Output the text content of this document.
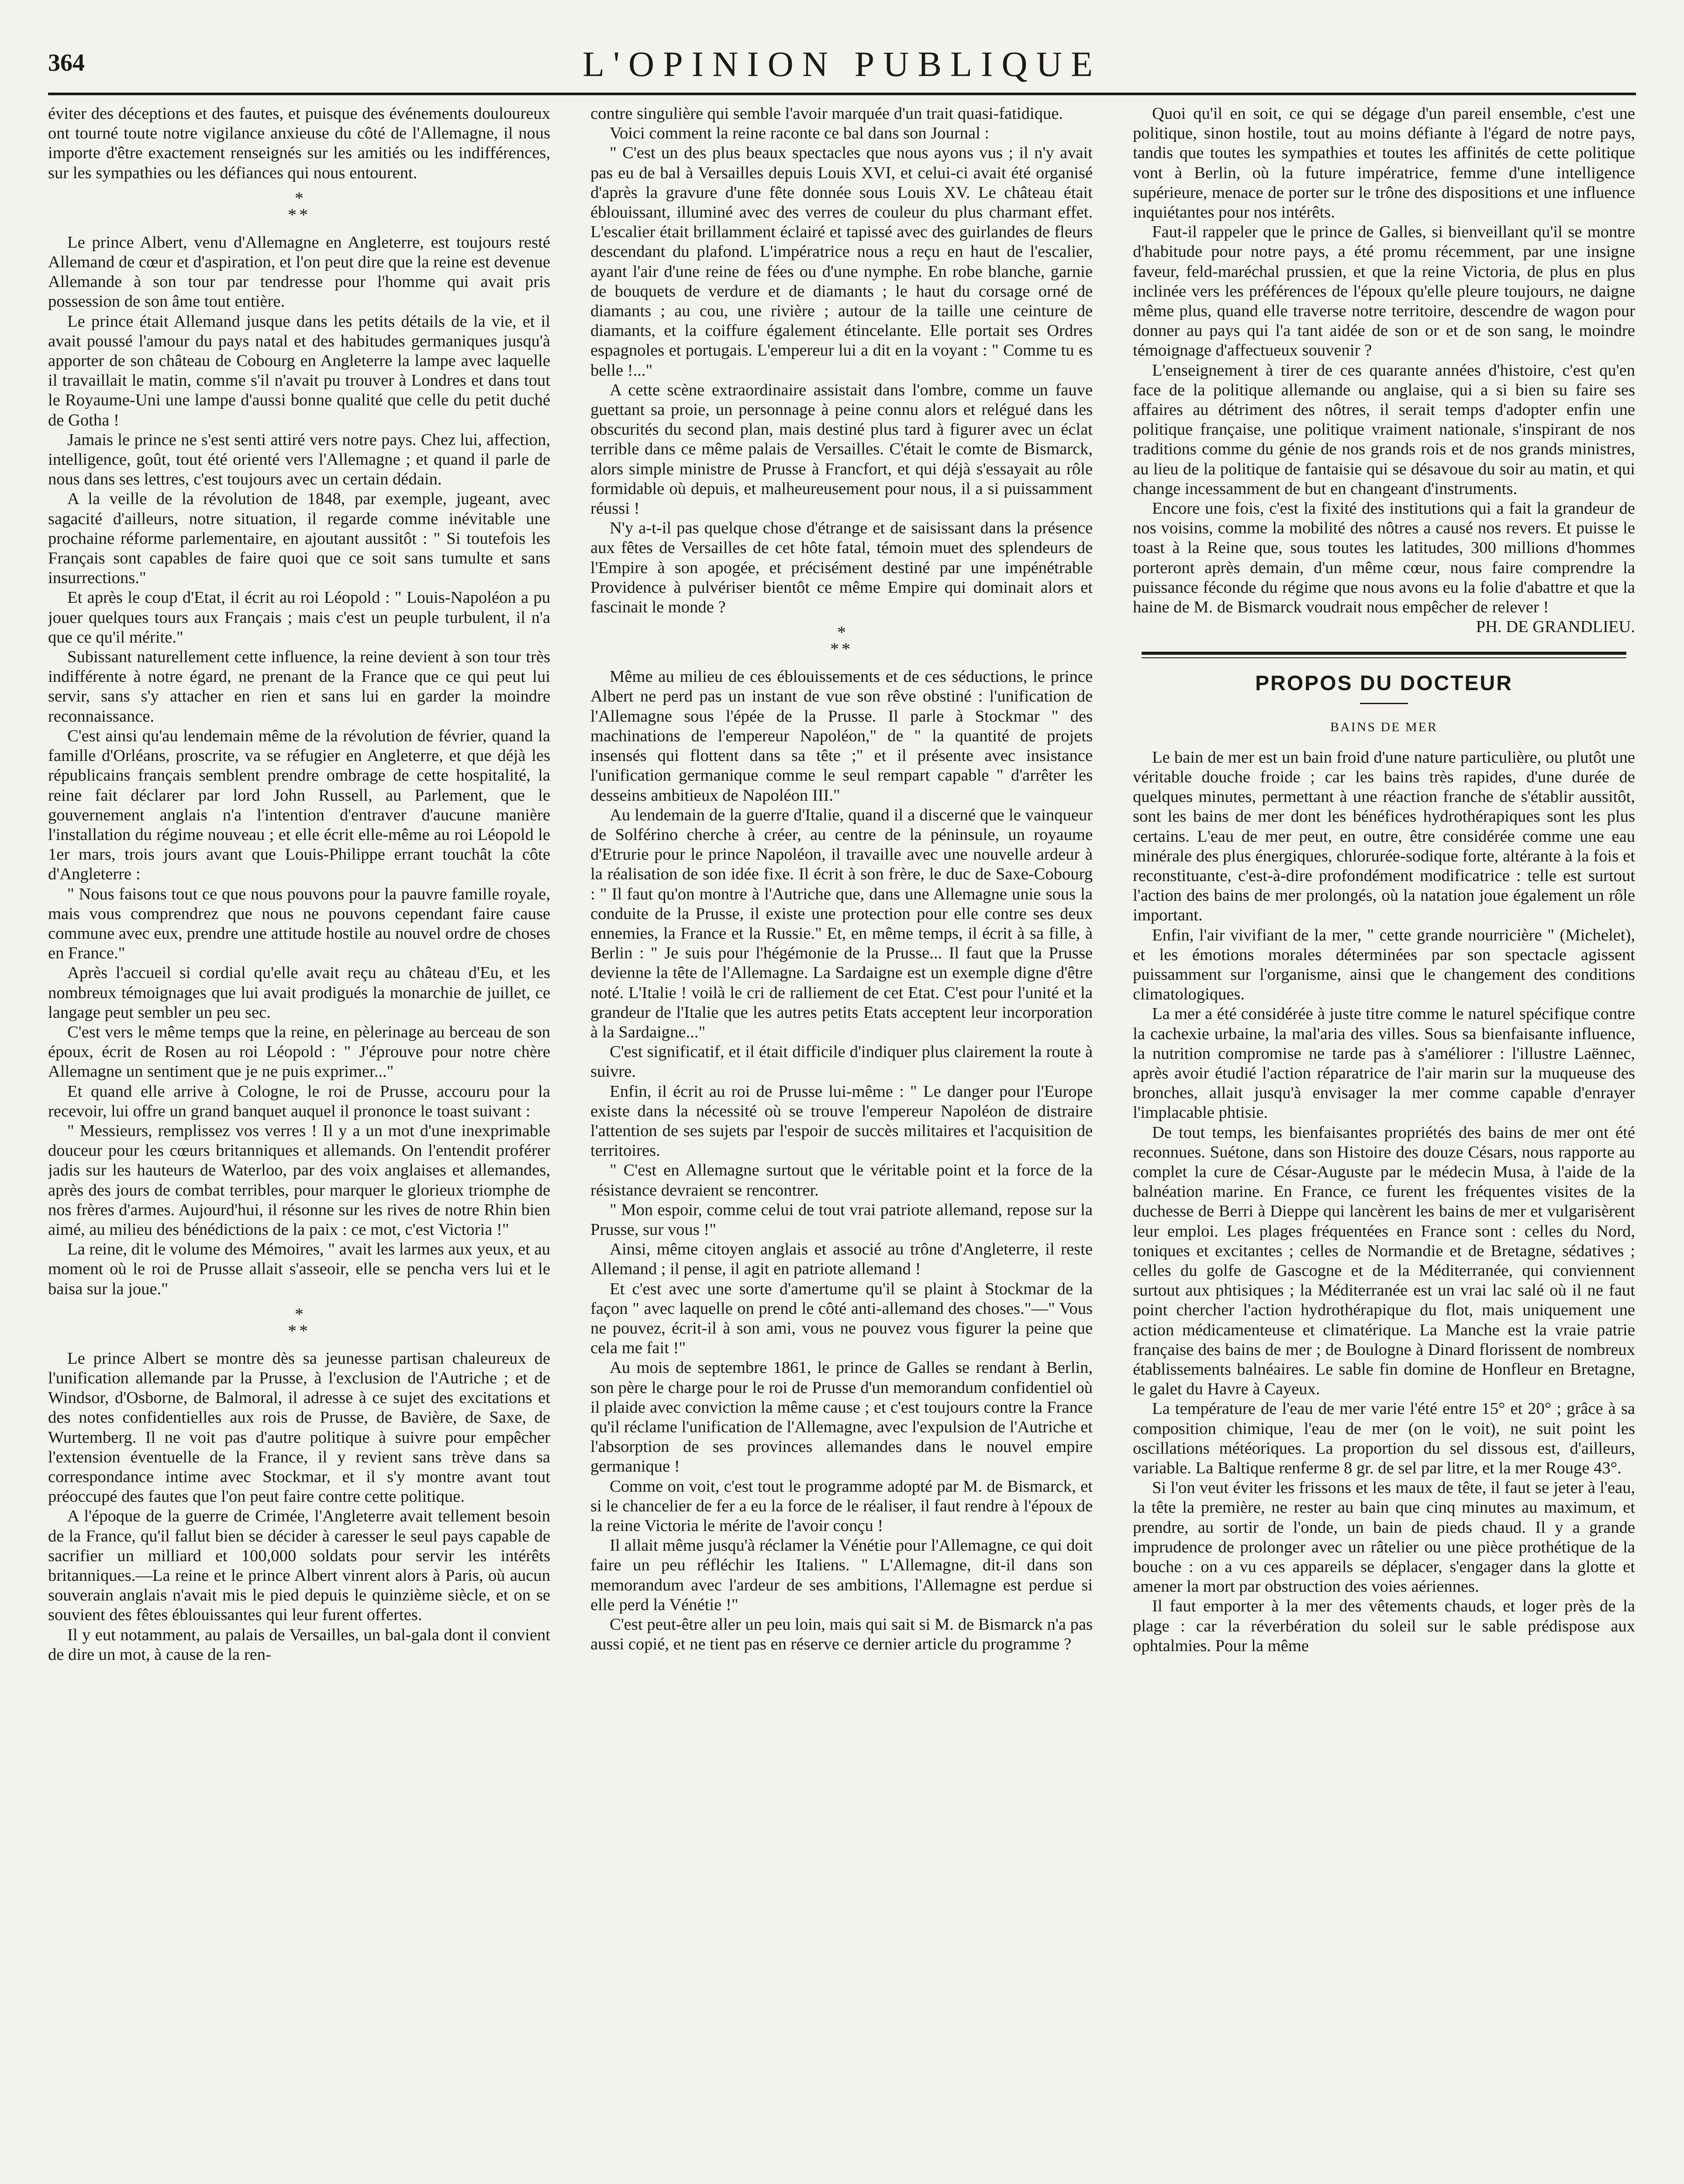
364	L'OPINION PUBLIQUE

éviter des déceptions et des fautes, et puisque des événements douloureux ont tourné toute notre vigilance anxieuse du côté de l'Allemagne, il nous importe d'être exactement renseignés sur les amitiés ou les indifférences, sur les sympathies ou les défiances qui nous entourent.

*
**

Le prince Albert, venu d'Allemagne en Angleterre, est toujours resté Allemand de cœur et d'aspiration, et l'on peut dire que la reine est devenue Allemande à son tour par tendresse pour l'homme qui avait pris possession de son âme tout entière.

Le prince était Allemand jusque dans les petits détails de la vie, et il avait poussé l'amour du pays natal et des habitudes germaniques jusqu'à apporter de son château de Cobourg en Angleterre la lampe avec laquelle il travaillait le matin, comme s'il n'avait pu trouver à Londres et dans tout le Royaume-Uni une lampe d'aussi bonne qualité que celle du petit duché de Gotha !

Jamais le prince ne s'est senti attiré vers notre pays. Chez lui, affection, intelligence, goût, tout été orienté vers l'Allemagne ; et quand il parle de nous dans ses lettres, c'est toujours avec un certain dédain.

A la veille de la révolution de 1848, par exemple, jugeant, avec sagacité d'ailleurs, notre situation, il regarde comme inévitable une prochaine réforme parlementaire, en ajoutant aussitôt : " Si toutefois les Français sont capables de faire quoi que ce soit sans tumulte et sans insurrections."

Et après le coup d'Etat, il écrit au roi Léopold : " Louis-Napoléon a pu jouer quelques tours aux Français ; mais c'est un peuple turbulent, il n'a que ce qu'il mérite."

Subissant naturellement cette influence, la reine devient à son tour très indifférente à notre égard, ne prenant de la France que ce qui peut lui servir, sans s'y attacher en rien et sans lui en garder la moindre reconnaissance.

C'est ainsi qu'au lendemain même de la révolution de février, quand la famille d'Orléans, proscrite, va se réfugier en Angleterre, et que déjà les républicains français semblent prendre ombrage de cette hospitalité, la reine fait déclarer par lord John Russell, au Parlement, que le gouvernement anglais n'a l'intention d'entraver d'aucune manière l'installation du régime nouveau ; et elle écrit elle-même au roi Léopold le 1er mars, trois jours avant que Louis-Philippe errant touchât la côte d'Angleterre :

" Nous faisons tout ce que nous pouvons pour la pauvre famille royale, mais vous comprendrez que nous ne pouvons cependant faire cause commune avec eux, prendre une attitude hostile au nouvel ordre de choses en France."

Après l'accueil si cordial qu'elle avait reçu au château d'Eu, et les nombreux témoignages que lui avait prodigués la monarchie de juillet, ce langage peut sembler un peu sec.

C'est vers le même temps que la reine, en pèlerinage au berceau de son époux, écrit de Rosen au roi Léopold : " J'éprouve pour notre chère Allemagne un sentiment que je ne puis exprimer..."

Et quand elle arrive à Cologne, le roi de Prusse, accouru pour la recevoir, lui offre un grand banquet auquel il prononce le toast suivant :

" Messieurs, remplissez vos verres ! Il y a un mot d'une inexprimable douceur pour les cœurs britanniques et allemands. On l'entendit proférer jadis sur les hauteurs de Waterloo, par des voix anglaises et allemandes, après des jours de combat terribles, pour marquer le glorieux triomphe de nos frères d'armes. Aujourd'hui, il résonne sur les rives de notre Rhin bien aimé, au milieu des bénédictions de la paix : ce mot, c'est Victoria !"

La reine, dit le volume des Mémoires, " avait les larmes aux yeux, et au moment où le roi de Prusse allait s'asseoir, elle se pencha vers lui et le baisa sur la joue."

*
**

Le prince Albert se montre dès sa jeunesse partisan chaleureux de l'unification allemande par la Prusse, à l'exclusion de l'Autriche ; et de Windsor, d'Osborne, de Balmoral, il adresse à ce sujet des excitations et des notes confidentielles aux rois de Prusse, de Bavière, de Saxe, de Wurtemberg. Il ne voit pas d'autre politique à suivre pour empêcher l'extension éventuelle de la France, il y revient sans trève dans sa correspondance intime avec Stockmar, et il s'y montre avant tout préoccupé des fautes que l'on peut faire contre cette politique.

A l'époque de la guerre de Crimée, l'Angleterre avait tellement besoin de la France, qu'il fallut bien se décider à caresser le seul pays capable de sacrifier un milliard et 100,000 soldats pour servir les intérêts britanniques.—La reine et le prince Albert vinrent alors à Paris, où aucun souverain anglais n'avait mis le pied depuis le quinzième siècle, et on se souvient des fêtes éblouissantes qui leur furent offertes.

Il y eut notamment, au palais de Versailles, un bal-gala dont il convient de dire un mot, à cause de la ren-

contre singulière qui semble l'avoir marquée d'un trait quasi-fatidique.

Voici comment la reine raconte ce bal dans son Journal :

" C'est un des plus beaux spectacles que nous ayons vus ; il n'y avait pas eu de bal à Versailles depuis Louis XVI, et celui-ci avait été organisé d'après la gravure d'une fête donnée sous Louis XV. Le château était éblouissant, illuminé avec des verres de couleur du plus charmant effet. L'escalier était brillamment éclairé et tapissé avec des guirlandes de fleurs descendant du plafond. L'impératrice nous a reçu en haut de l'escalier, ayant l'air d'une reine de fées ou d'une nymphe. En robe blanche, garnie de bouquets de verdure et de diamants ; le haut du corsage orné de diamants ; au cou, une rivière ; autour de la taille une ceinture de diamants, et la coiffure également étincelante. Elle portait ses Ordres espagnoles et portugais. L'empereur lui a dit en la voyant : " Comme tu es belle !..."

A cette scène extraordinaire assistait dans l'ombre, comme un fauve guettant sa proie, un personnage à peine connu alors et relégué dans les obscurités du second plan, mais destiné plus tard à figurer avec un éclat terrible dans ce même palais de Versailles. C'était le comte de Bismarck, alors simple ministre de Prusse à Francfort, et qui déjà s'essayait au rôle formidable où depuis, et malheureusement pour nous, il a si puissamment réussi !

N'y a-t-il pas quelque chose d'étrange et de saisissant dans la présence aux fêtes de Versailles de cet hôte fatal, témoin muet des splendeurs de l'Empire à son apogée, et précisément destiné par une impénétrable Providence à pulvériser bientôt ce même Empire qui dominait alors et fascinait le monde ?

*
**

Même au milieu de ces éblouissements et de ces séductions, le prince Albert ne perd pas un instant de vue son rêve obstiné : l'unification de l'Allemagne sous l'épée de la Prusse. Il parle à Stockmar " des machinations de l'empereur Napoléon," de " la quantité de projets insensés qui flottent dans sa tête ;" et il présente avec insistance l'unification germanique comme le seul rempart capable " d'arrêter les desseins ambitieux de Napoléon III."

Au lendemain de la guerre d'Italie, quand il a discerné que le vainqueur de Solférino cherche à créer, au centre de la péninsule, un royaume d'Etrurie pour le prince Napoléon, il travaille avec une nouvelle ardeur à la réalisation de son idée fixe. Il écrit à son frère, le duc de Saxe-Cobourg : " Il faut qu'on montre à l'Autriche que, dans une Allemagne unie sous la conduite de la Prusse, il existe une protection pour elle contre ses deux ennemies, la France et la Russie." Et, en même temps, il écrit à sa fille, à Berlin : " Je suis pour l'hégémonie de la Prusse... Il faut que la Prusse devienne la tête de l'Allemagne. La Sardaigne est un exemple digne d'être noté. L'Italie ! voilà le cri de ralliement de cet Etat. C'est pour l'unité et la grandeur de l'Italie que les autres petits Etats acceptent leur incorporation à la Sardaigne..."

C'est significatif, et il était difficile d'indiquer plus clairement la route à suivre.

Enfin, il écrit au roi de Prusse lui-même : " Le danger pour l'Europe existe dans la nécessité où se trouve l'empereur Napoléon de distraire l'attention de ses sujets par l'espoir de succès militaires et l'acquisition de territoires.

" C'est en Allemagne surtout que le véritable point et la force de la résistance devraient se rencontrer.

" Mon espoir, comme celui de tout vrai patriote allemand, repose sur la Prusse, sur vous !"

Ainsi, même citoyen anglais et associé au trône d'Angleterre, il reste Allemand ; il pense, il agit en patriote allemand !

Et c'est avec une sorte d'amertume qu'il se plaint à Stockmar de la façon " avec laquelle on prend le côté anti-allemand des choses."—" Vous ne pouvez, écrit-il à son ami, vous ne pouvez vous figurer la peine que cela me fait !"

Au mois de septembre 1861, le prince de Galles se rendant à Berlin, son père le charge pour le roi de Prusse d'un memorandum confidentiel où il plaide avec conviction la même cause ; et c'est toujours contre la France qu'il réclame l'unification de l'Allemagne, avec l'expulsion de l'Autriche et l'absorption de ses provinces allemandes dans le nouvel empire germanique !

Comme on voit, c'est tout le programme adopté par M. de Bismarck, et si le chancelier de fer a eu la force de le réaliser, il faut rendre à l'époux de la reine Victoria le mérite de l'avoir conçu !

Il allait même jusqu'à réclamer la Vénétie pour l'Allemagne, ce qui doit faire un peu réfléchir les Italiens. " L'Allemagne, dit-il dans son memorandum avec l'ardeur de ses ambitions, l'Allemagne est perdue si elle perd la Vénétie !"

C'est peut-être aller un peu loin, mais qui sait si M. de Bismarck n'a pas aussi copié, et ne tient pas en réserve ce dernier article du programme ?

Quoi qu'il en soit, ce qui se dégage d'un pareil ensemble, c'est une politique, sinon hostile, tout au moins défiante à l'égard de notre pays, tandis que toutes les sympathies et toutes les affinités de cette politique vont à Berlin, où la future impératrice, femme d'une intelligence supérieure, menace de porter sur le trône des dispositions et une influence inquiétantes pour nos intérêts.

Faut-il rappeler que le prince de Galles, si bienveillant qu'il se montre d'habitude pour notre pays, a été promu récemment, par une insigne faveur, feld-maréchal prussien, et que la reine Victoria, de plus en plus inclinée vers les préférences de l'époux qu'elle pleure toujours, ne daigne même plus, quand elle traverse notre territoire, descendre de wagon pour donner au pays qui l'a tant aidée de son or et de son sang, le moindre témoignage d'affectueux souvenir ?

L'enseignement à tirer de ces quarante années d'histoire, c'est qu'en face de la politique allemande ou anglaise, qui a si bien su faire ses affaires au détriment des nôtres, il serait temps d'adopter enfin une politique française, une politique vraiment nationale, s'inspirant de nos traditions comme du génie de nos grands rois et de nos grands ministres, au lieu de la politique de fantaisie qui se désavoue du soir au matin, et qui change incessamment de but en changeant d'instruments.

Encore une fois, c'est la fixité des institutions qui a fait la grandeur de nos voisins, comme la mobilité des nôtres a causé nos revers. Et puisse le toast à la Reine que, sous toutes les latitudes, 300 millions d'hommes porteront après demain, d'un même cœur, nous faire comprendre la puissance féconde du régime que nous avons eu la folie d'abattre et que la haine de M. de Bismarck voudrait nous empêcher de relever !

PH. DE GRANDLIEU.

PROPOS DU DOCTEUR
BAINS DE MER

Le bain de mer est un bain froid d'une nature particulière, ou plutôt une véritable douche froide ; car les bains très rapides, d'une durée de quelques minutes, permettant à une réaction franche de s'établir aussitôt, sont les bains de mer dont les bénéfices hydrothérapiques sont les plus certains. L'eau de mer peut, en outre, être considérée comme une eau minérale des plus énergiques, chlorurée-sodique forte, altérante à la fois et reconstituante, c'est-à-dire profondément modificatrice : telle est surtout l'action des bains de mer prolongés, où la natation joue également un rôle important.

Enfin, l'air vivifiant de la mer, " cette grande nourricière " (Michelet), et les émotions morales déterminées par son spectacle agissent puissamment sur l'organisme, ainsi que le changement des conditions climatologiques.

La mer a été considérée à juste titre comme le naturel spécifique contre la cachexie urbaine, la mal'aria des villes. Sous sa bienfaisante influence, la nutrition compromise ne tarde pas à s'améliorer : l'illustre Laënnec, après avoir étudié l'action réparatrice de l'air marin sur la muqueuse des bronches, allait jusqu'à envisager la mer comme capable d'enrayer l'implacable phtisie.

De tout temps, les bienfaisantes propriétés des bains de mer ont été reconnues. Suétone, dans son Histoire des douze Césars, nous rapporte au complet la cure de César-Auguste par le médecin Musa, à l'aide de la balnéation marine. En France, ce furent les fréquentes visites de la duchesse de Berri à Dieppe qui lancèrent les bains de mer et vulgarisèrent leur emploi. Les plages fréquentées en France sont : celles du Nord, toniques et excitantes ; celles de Normandie et de Bretagne, sédatives ; celles du golfe de Gascogne et de la Méditerranée, qui conviennent surtout aux phtisiques ; la Méditerranée est un vrai lac salé où il ne faut point chercher l'action hydrothérapique du flot, mais uniquement une action médicamenteuse et climatérique. La Manche est la vraie patrie française des bains de mer ; de Boulogne à Dinard florissent de nombreux établissements balnéaires. Le sable fin domine de Honfleur en Bretagne, le galet du Havre à Cayeux.

La température de l'eau de mer varie l'été entre 15° et 20° ; grâce à sa composition chimique, l'eau de mer (on le voit), ne suit point les oscillations météoriques. La proportion du sel dissous est, d'ailleurs, variable. La Baltique renferme 8 gr. de sel par litre, et la mer Rouge 43°.

Si l'on veut éviter les frissons et les maux de tête, il faut se jeter à l'eau, la tête la première, ne rester au bain que cinq minutes au maximum, et prendre, au sortir de l'onde, un bain de pieds chaud. Il y a grande imprudence de prolonger avec un râtelier ou une pièce prothétique de la bouche : on a vu ces appareils se déplacer, s'engager dans la glotte et amener la mort par obstruction des voies aériennes.

Il faut emporter à la mer des vêtements chauds, et loger près de la plage : car la réverbération du soleil sur le sable prédispose aux ophtalmies. Pour la même
